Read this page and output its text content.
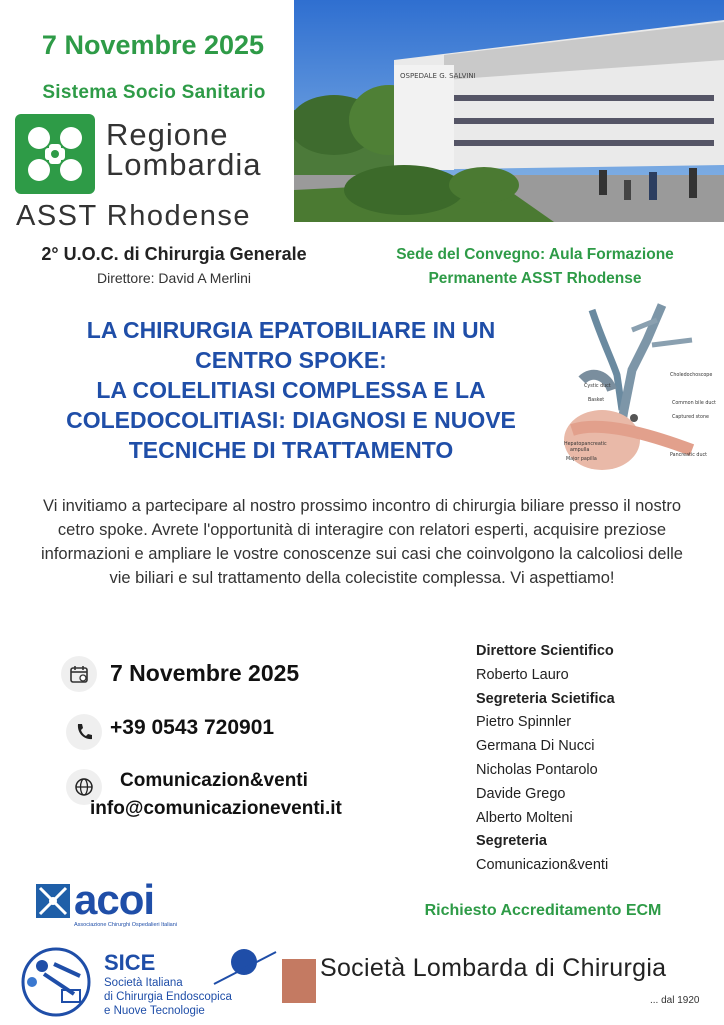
7 Novembre 2025
Sistema Socio Sanitario
Regione
Lombardia
ASST Rhodense
OSPEDALE G. SALVINI
2° U.O.C. di Chirurgia Generale
Direttore: David A Merlini
Sede del Convegno: Aula Formazione
Permanente ASST Rhodense
LA CHIRURGIA EPATOBILIARE IN UN
CENTRO SPOKE:
LA COLELITIASI COMPLESSA E LA
COLEDOCOLITIASI: DIAGNOSI E NUOVE
TECNICHE DI TRATTAMENTO
Choledochoscope
Cystic duct
Basket
Common bile duct
Captured stone
Hepatopancreatic
ampulla
Major papilla
Pancreatic duct
Vi invitiamo a partecipare al nostro prossimo incontro di chirurgia biliare presso il nostro cetro spoke. Avrete l'opportunità di interagire con relatori esperti, acquisire preziose informazioni e ampliare le vostre conoscenze sui casi che coinvolgono la calcoliosi delle vie biliari e sul trattamento della colecistite complessa. Vi aspettiamo!
7 Novembre 2025
+39 0543 720901
Comunicazion&venti
info@comunicazioneventi.it
Direttore Scientifico
Roberto Lauro
Segreteria Scietifica
Pietro Spinnler
Germana Di Nucci
Nicholas Pontarolo
Davide Grego
Alberto Molteni
Segreteria
Comunicazion&venti
Richiesto Accreditamento ECM
acoi
Associazione Chirurghi Ospedalieri Italiani
SICE
Società Italiana
di Chirurgia Endoscopica
e Nuove Tecnologie
Società Lombarda di Chirurgia
... dal 1920
